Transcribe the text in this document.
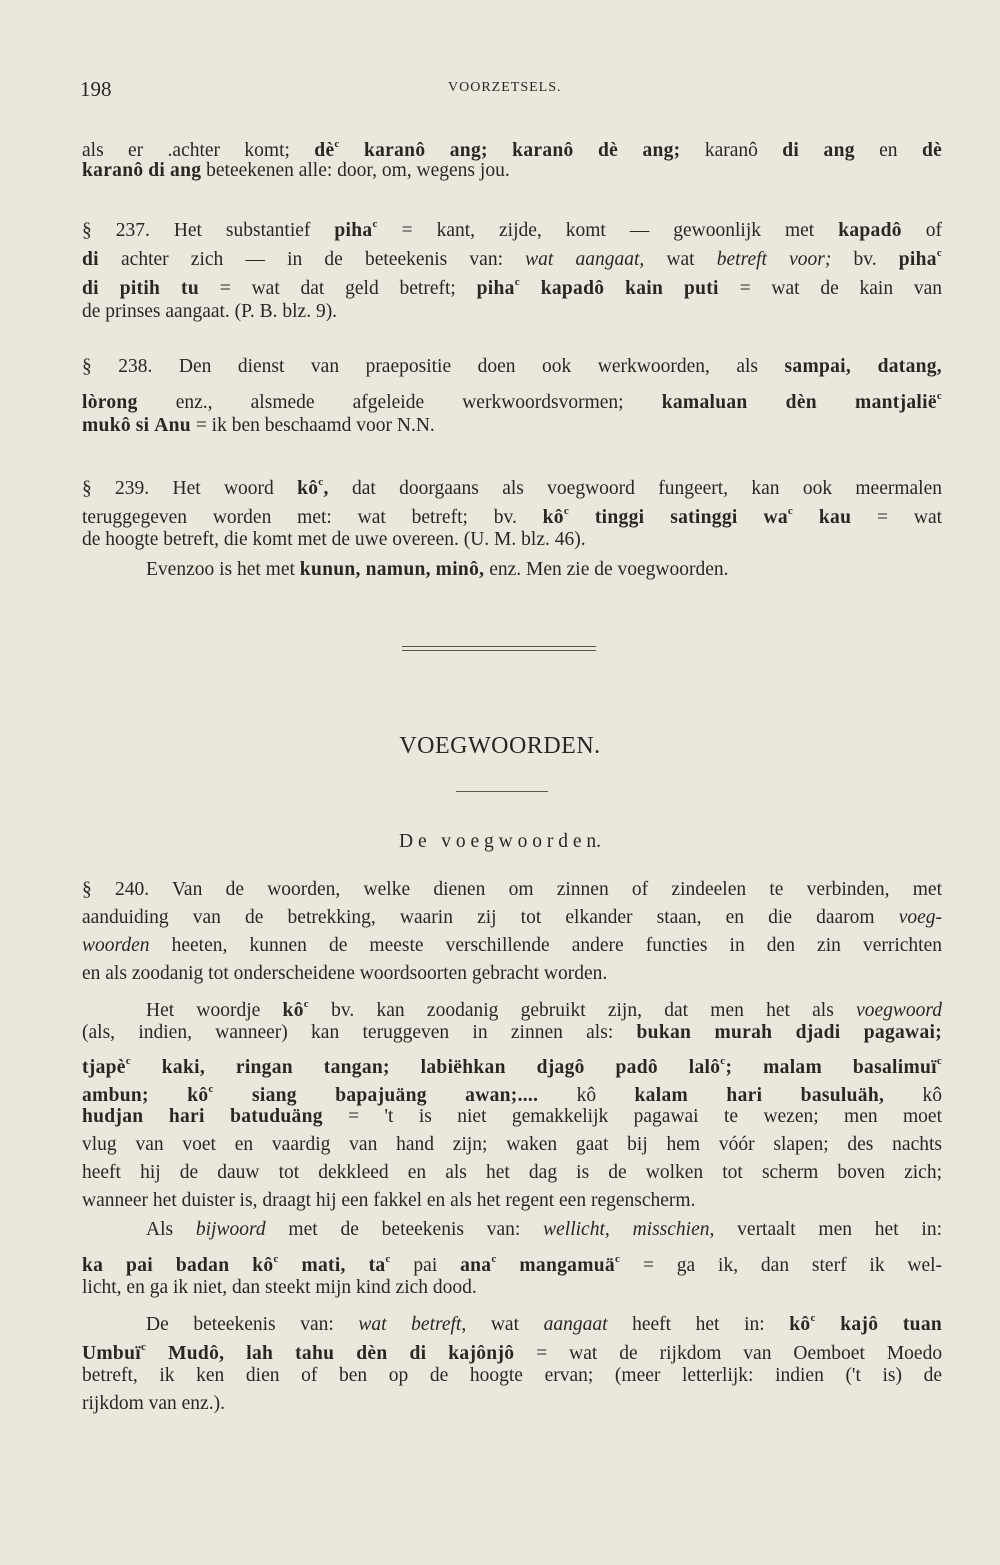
198	VOORZETSELS.
als er .achter komt; $dè^c$ karanô ang; karanô dè ang; karanô di ang en dè
karanô di ang beteekenen alle: door, om, wegens jou.
§ 237. Het substantief piha$^c$ = kant, zijde, komt — gewoonlijk met kapadô of
di achter zich — in de beteekenis van: wat aangaat, wat betreft voor; bv. piha$^c$
di pitih tu = wat dat geld betreft; piha$^c$ kapadô kain puti = wat de kain van
de prinses aangaat. (P. B. blz. 9).
§ 238. Den dienst van praepositie doen ook werkwoorden, als sampai, datang,
lòrong enz., alsmede afgeleide werkwoordsvormen; kamaluan dèn mantjalië$^c$
mukô si Anu = ik ben beschaamd voor N.N.
§ 239. Het woord $kô^c$, dat doorgaans als voegwoord fungeert, kan ook meermalen
teruggegeven worden met: wat betreft; bv. $kô^c$ tinggi satinggi $wa^c$ kau = wat
de hoogte betreft, die komt met de uwe overeen. (U. M. blz. 46).
Evenzoo is het met kunun, namun, minô, enz. Men zie de voegwoorden.
§ 240. Van de woorden, welke dienen om zinnen of zindeelen te verbinden, met
aanduiding van de betrekking, waarin zij tot elkander staan, en die daarom voeg-
woorden heeten, kunnen de meeste verschillende andere functies in den zin verrichten
en als zoodanig tot onderscheidene woordsoorten gebracht worden.
Het woordje $kô^c$ bv. kan zoodanig gebruikt zijn, dat men het als voegwoord
(als, indien, wanneer) kan teruggeven in zinnen als: bukan murah djadi pagawai;
tjapè$^c$ kaki, ringan tangan; labiëhkan djagô padô lalô$^c$; malam basalimuï$^c$
ambun; $kô^c$ siang bapajuäng awan;.... kô kalam hari basuluäh, kô
hudjan hari batuduäng = 't is niet gemakkelijk pagawai te wezen; men moet
vlug van voet en vaardig van hand zijn; waken gaat bij hem vóór slapen; des nachts
heeft hij de dauw tot dekkleed en als het dag is de wolken tot scherm boven zich;
wanneer het duister is, draagt hij een fakkel en als het regent een regenscherm.
Als bijwoord met de beteekenis van: wellicht, misschien, vertaalt men het in:
ka pai badan $kô^c$ mati, $ta^c$ pai ana$^c$ mangamuä$^c$ = ga ik, dan sterf ik wel-
licht, en ga ik niet, dan steekt mijn kind zich dood.
De beteekenis van: wat betreft, wat aangaat heeft het in: $kô^c$ kajô tuan
Umbuï$^c$ Mudô, lah tahu dèn di kajônjô = wat de rijkdom van Oemboet Moedo
betreft, ik ken dien of ben op de hoogte ervan; (meer letterlijk: indien ('t is) de
rijkdom van enz.).
VOEGWOORDEN.
D e   v o e g w o o r d e n.
